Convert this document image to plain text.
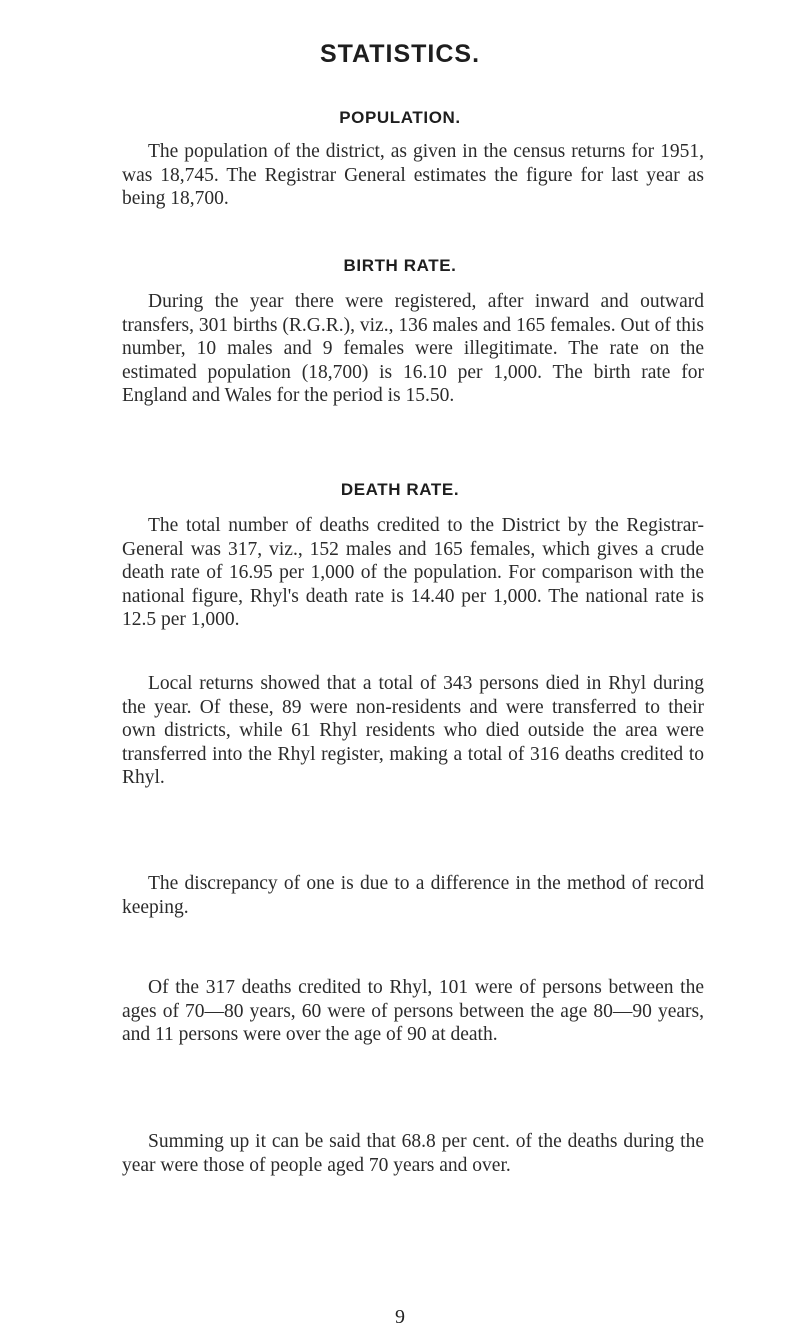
STATISTICS.
POPULATION.

The population of the district, as given in the census returns for 1951, was 18,745. The Registrar General estimates the figure for last year as being 18,700.

BIRTH RATE.

During the year there were registered, after inward and outward transfers, 301 births (R.G.R.), viz., 136 males and 165 females. Out of this number, 10 males and 9 females were illegitimate. The rate on the estimated population (18,700) is 16.10 per 1,000. The birth rate for England and Wales for the period is 15.50.

DEATH RATE.

The total number of deaths credited to the District by the Registrar-General was 317, viz., 152 males and 165 females, which gives a crude death rate of 16.95 per 1,000 of the population. For comparison with the national figure, Rhyl's death rate is 14.40 per 1,000. The national rate is 12.5 per 1,000.

Local returns showed that a total of 343 persons died in Rhyl during the year. Of these, 89 were non-residents and were transferred to their own districts, while 61 Rhyl residents who died outside the area were transferred into the Rhyl register, making a total of 316 deaths credited to Rhyl.

The discrepancy of one is due to a difference in the method of record keeping.

Of the 317 deaths credited to Rhyl, 101 were of persons between the ages of 70—80 years, 60 were of persons between the age 80—90 years, and 11 persons were over the age of 90 at death.

Summing up it can be said that 68.8 per cent. of the deaths during the year were those of people aged 70 years and over.

9
